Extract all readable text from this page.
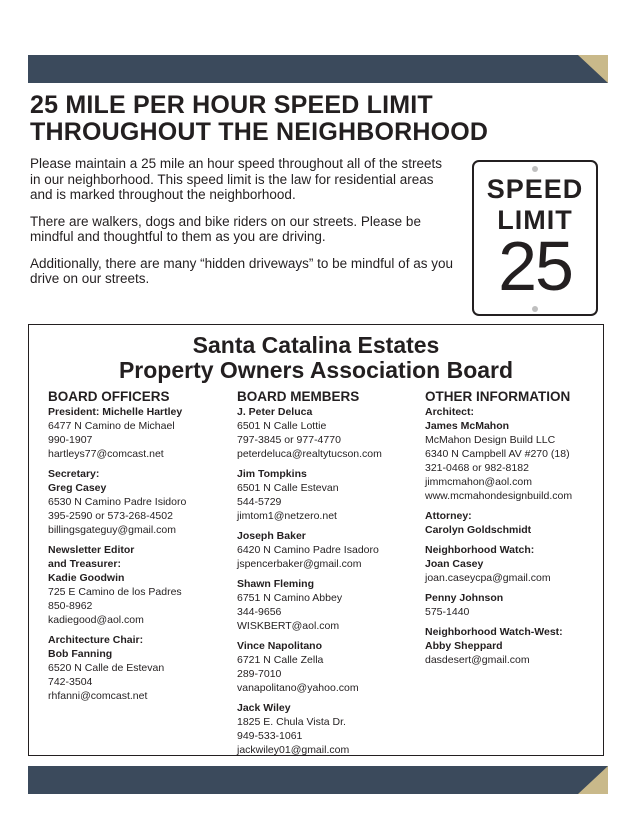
25 MILE PER HOUR SPEED LIMIT
THROUGHOUT THE NEIGHBORHOOD

Please maintain a 25 mile an hour speed throughout all of the streets in our neighborhood. This speed limit is the law for residential areas and is marked throughout the neighborhood.

There are walkers, dogs and bike riders on our streets. Please be mindful and thoughtful to them as you are driving.

Additionally, there are many “hidden driveways” to be mindful of as you drive on our streets.

SPEED
LIMIT
25
Santa Catalina Estates
Property Owners Association Board
BOARD OFFICERS
President: Michelle Hartley
6477 N Camino de Michael
990-1907
hartleys77@comcast.net
Secretary:
Greg Casey
6530 N Camino Padre Isidoro
395-2590 or 573-268-4502
billingsgateguy@gmail.com
Newsletter Editor
and Treasurer:
Kadie Goodwin
725 E Camino de los Padres
850-8962
kadiegood@aol.com
Architecture Chair:
Bob Fanning
6520 N Calle de Estevan
742-3504
rhfanni@comcast.net
BOARD MEMBERS
J. Peter Deluca
6501 N Calle Lottie
797-3845 or 977-4770
peterdeluca@realtytucson.com
Jim Tompkins
6501 N Calle Estevan
544-5729
jimtom1@netzero.net
Joseph Baker
6420 N Camino Padre Isadoro
jspencerbaker@gmail.com
Shawn Fleming
6751 N Camino Abbey
344-9656
WISKBERT@aol.com
Vince Napolitano
6721 N Calle Zella
289-7010
vanapolitano@yahoo.com
Jack Wiley
1825 E. Chula Vista Dr.
949-533-1061
jackwiley01@gmail.com
OTHER INFORMATION
Architect:
James McMahon
McMahon Design Build LLC
6340 N Campbell AV #270 (18)
321-0468 or 982-8182
jimmcmahon@aol.com
www.mcmahondesignbuild.com
Attorney:
Carolyn Goldschmidt
Neighborhood Watch:
Joan Casey
joan.caseycpa@gmail.com
Penny Johnson
575-1440
Neighborhood Watch-West:
Abby Sheppard
dasdesert@gmail.com
